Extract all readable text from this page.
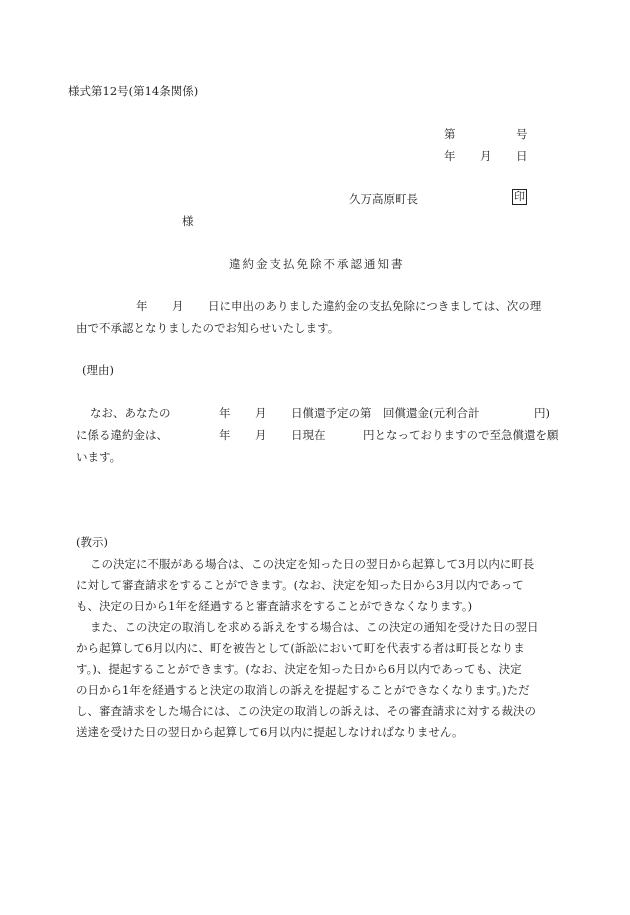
様式第12号(第14条関係)
第	号
年 月 日
久万高原町長	印
様
違約金支払免除不承認通知書
年 月 日に申出のありました違約金の支払免除につきましては、次の理
由で不承認となりましたのでお知らせいたします。
(理由)
なお、あなたの	年 月 日償還予定の第　回償還金(元利合計	円)
に係る違約金は、	年 月 日現在	円となっておりますので至急償還を願
います。
(教示)
この決定に不服がある場合は、この決定を知った日の翌日から起算して3月以内に町長
に対して審査請求をすることができます。(なお、決定を知った日から3月以内であって
も、決定の日から1年を経過すると審査請求をすることができなくなります。)
また、この決定の取消しを求める訴えをする場合は、この決定の通知を受けた日の翌日
から起算して6月以内に、町を被告として(訴訟において町を代表する者は町長となりま
す。)、提起することができます。(なお、決定を知った日から6月以内であっても、決定
の日から1年を経過すると決定の取消しの訴えを提起することができなくなります。)ただ
し、審査請求をした場合には、この決定の取消しの訴えは、その審査請求に対する裁決の
送達を受けた日の翌日から起算して6月以内に提起しなければなりません。
